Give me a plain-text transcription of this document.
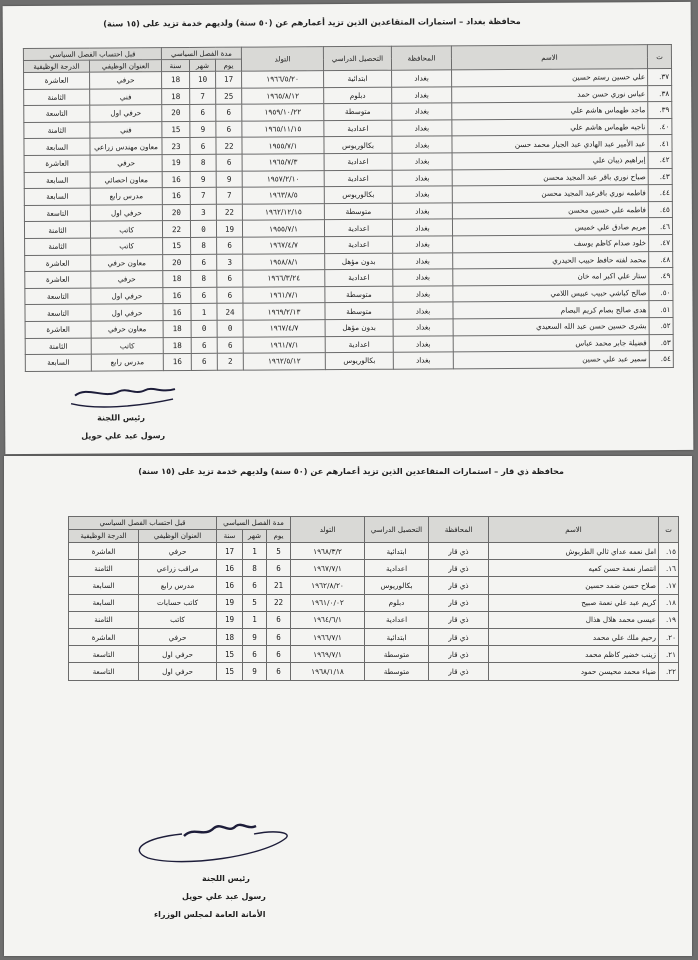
محافظة بغداد – استمارات المتقاعدين الذين تزيد أعمارهم عن (٥٠ سنة) ولديهم خدمة تزيد على (١٥ سنة)
ت	الاسم	المحافظة	التحصيل الدراسي	التولد	مدة الفصل السياسي			قبل احتساب الفصل السياسي	
					يوم	شهر	سنة	العنوان الوظيفي	الدرجة الوظيفية
٣٧.	علي حسين رستم حسين	بغداد	ابتدائية	١٩٦٦/٥/٢٠	17	10	18	حرفي	العاشرة
٣٨.	عباس نوري حسن حمد	بغداد	دبلوم	١٩٦٥/٨/١٢	25	7	18	فني	الثامنة
٣٩.	ماجد طهماس هاشم علي	بغداد	متوسطة	١٩٥٩/١٠/٢٢	6	6	20	حرفي اول	التاسعة
٤٠.	ناجيه طهماس هاشم علي	بغداد	اعدادية	١٩٦٥/١١/١٥	6	9	15	فني	الثامنة
٤١.	عبد الأمير عبد الهادي عبد الجبار محمد حسن	بغداد	بكالوريوس	١٩٥٥/٧/١	22	6	23	معاون مهندس زراعي	السابعة
٤٢.	إبراهيم ذيبان علي	بغداد	اعدادية	١٩٦٥/٧/٣	6	8	19	حرفي	العاشرة
٤٣.	صباح نوري باقر عبد المجيد محسن	بغداد	اعدادية	١٩٥٧/٢/١٠	9	9	16	معاون احصائي	السابعة
٤٤.	فاطمه نوري باقرعبد المجيد محسن	بغداد	بكالوريوس	١٩٦٣/٨/٥	7	7	16	مدرس رابع	السابعة
٤٥.	فاطمه علي حسين محسن	بغداد	متوسطة	١٩٦٢/١٢/١٥	22	3	20	حرفي اول	التاسعة
٤٦.	مريم صادق علي خميس	بغداد	اعدادية	١٩٥٥/٧/١	19	0	22	كاتب	الثامنة
٤٧.	خلود صدام كاظم يوسف	بغداد	اعدادية	١٩٦٧/٤/٧	6	8	15	كاتب	الثامنة
٤٨.	محمد لفته حافظ حبيب الحيدري	بغداد	بدون مؤهل	١٩٥٨/٨/١	3	6	20	معاون حرفي	العاشرة
٤٩.	ستار علي اكبر امه خان	بغداد	اعدادية	١٩٦٦/٣/٢٤	6	8	18	حرفي	العاشرة
٥٠.	صالح كباشي حبيب عبيس اللامي	بغداد	متوسطة	١٩٦١/٧/١	6	6	16	حرفي اول	التاسعة
٥١.	هدى صالح بصام كريم البصام	بغداد	متوسطة	١٩٦٩/٢/١٣	24	1	16	حرفي اول	التاسعة
٥٢.	بشرى حسين حسن عبد الله السعيدي	بغداد	بدون مؤهل	١٩٦٧/٤/٧	0	0	18	معاون حرفي	العاشرة
٥٣.	فضيلة جابر محمد عباس	بغداد	اعدادية	١٩٦١/٧/١	6	6	18	كاتب	الثامنة
٥٤.	سمير عبد علي حسين	بغداد	بكالوريوس	١٩٦٢/٥/١٢	2	6	16	مدرس رابع	السابعة
رئيس اللجنة
رسول عبد علي حويل
محافظة ذي قار – استمارات المتقاعدين الذين تزيد أعمارهم عن (٥٠ سنة) ولديهم خدمة تزيد على (١٥ سنة)
ت	الاسم	المحافظة	التحصيل الدراسي	التولد	مدة الفصل السياسي			قبل احتساب الفصل السياسي	
					يوم	شهر	سنة	العنوان الوظيفي	الدرجة الوظيفية
١٥.	امل نعمه عداي ثالي الطربوش	ذي قار	ابتدائية	١٩٦٨/٣/٢	5	1	17	حرفي	العاشرة
١٦.	انتصار نعمة حسن كعيه	ذي قار	اعدادية	١٩٦٧/٧/١	6	8	16	مراقب زراعي	الثامنة
١٧.	صلاح حسن ضمد حسين	ذي قار	بكالوريوس	١٩٦٢/٨/٢٠	21	6	16	مدرس رابع	السابعة
١٨.	كريم عبد علي نعمة صبيح	ذي قار	دبلوم	١٩٦١/٠/٠٢	22	5	19	كاتب حسابات	السابعة
١٩.	عيسى محمد هلال هذال	ذي قار	اعدادية	١٩٦٤/٦/١	6	1	19	كاتب	الثامنة
٢٠.	رحيم ملك علي محمد	ذي قار	ابتدائية	١٩٦٦/٧/١	6	9	18	حرفي	العاشرة
٢١.	زينب خضير كاظم محمد	ذي قار	متوسطة	١٩٦٩/٧/١	6	6	15	حرفي اول	التاسعة
٢٢.	ضياء محمد محيسن حمود	ذي قار	متوسطة	١٩٦٨/١/١٨	6	9	15	حرفي اول	التاسعة
رئيس اللجنة
رسول عبد علي حويل
الأمانة العامة لمجلس الوزراء
